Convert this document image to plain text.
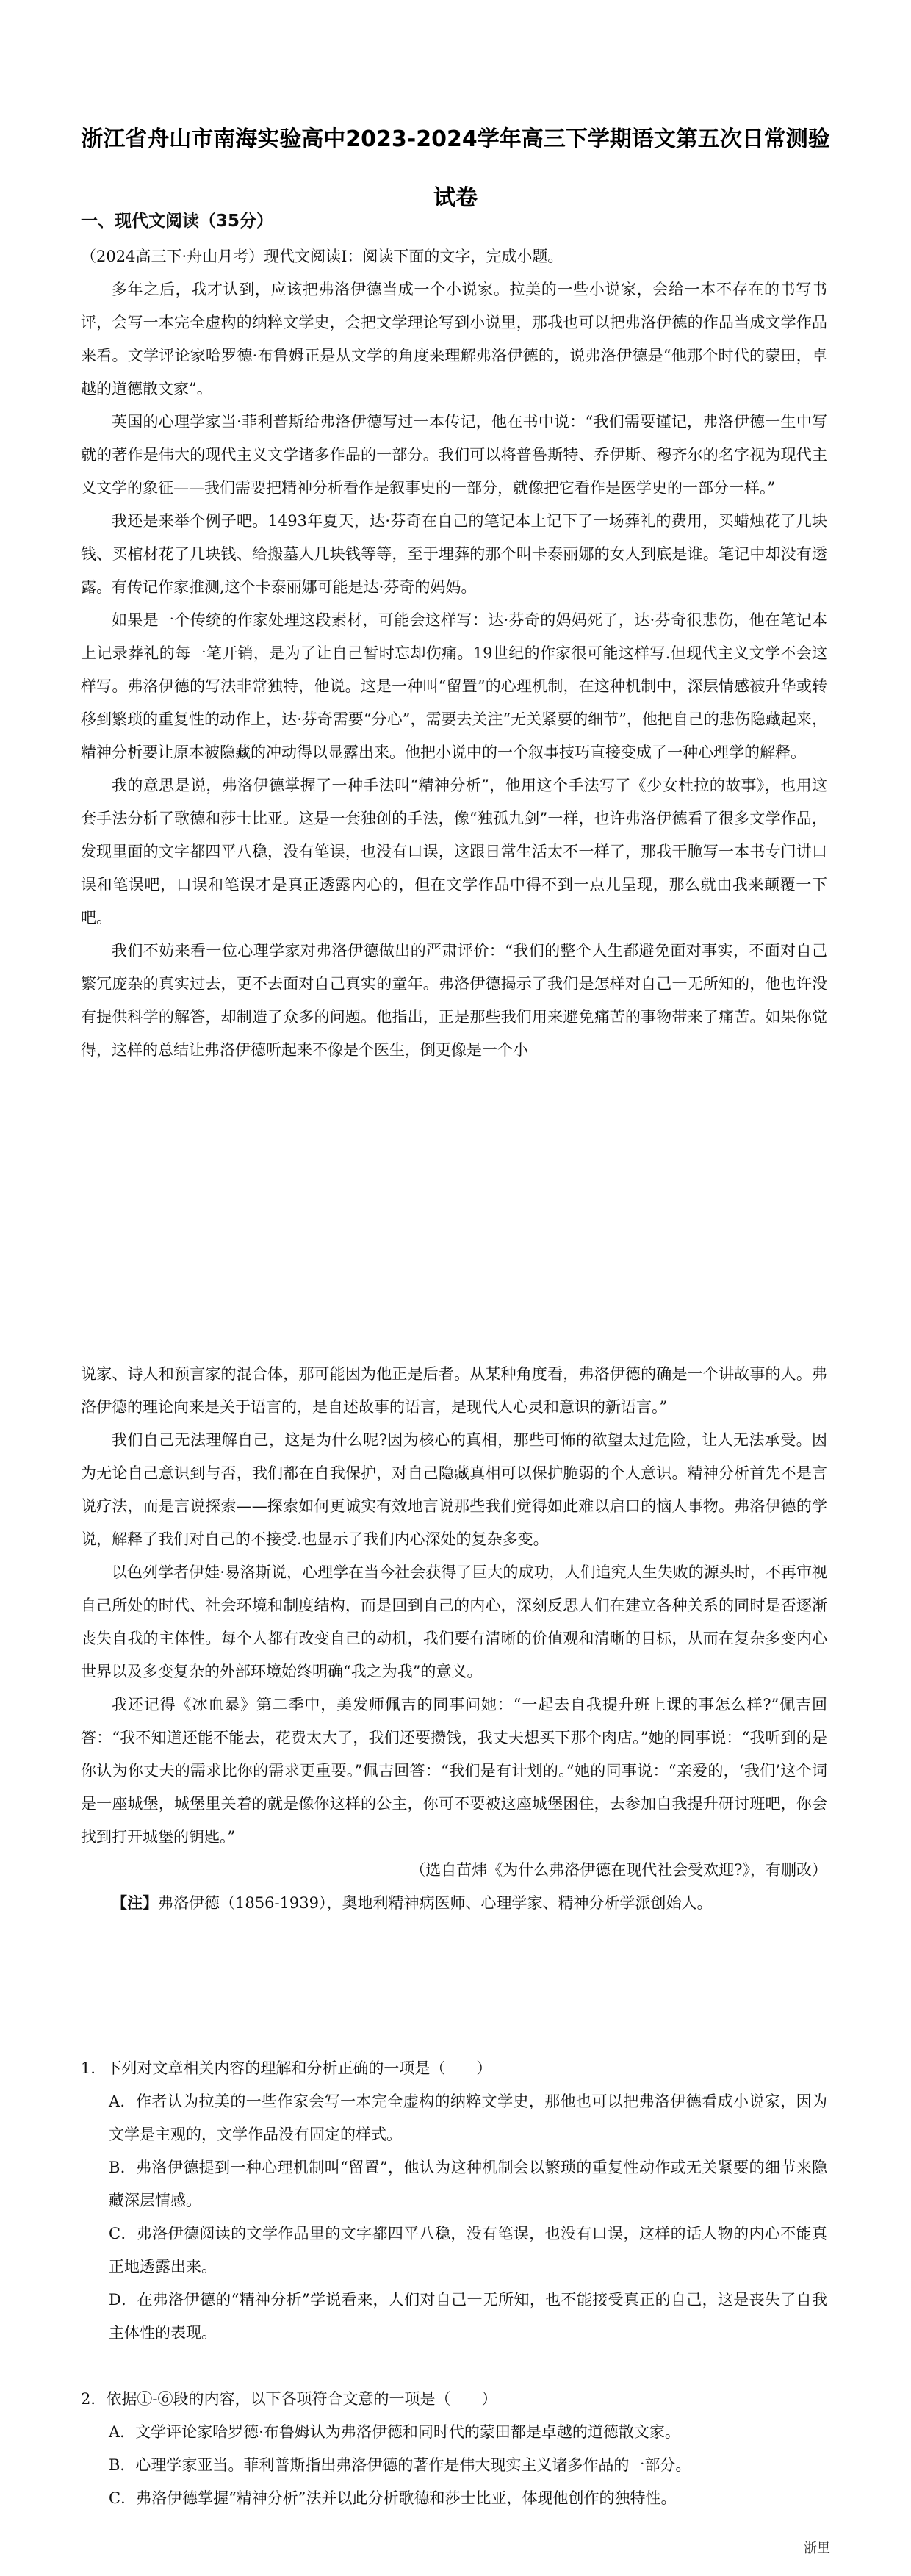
浙江省舟山市南海实验高中2023-2024学年高三下学期语文第五次日常测验试卷
一、现代文阅读（35分）

（2024高三下·舟山月考）现代文阅读I：阅读下面的文字，完成小题。

多年之后，我才认到，应该把弗洛伊德当成一个小说家。拉美的一些小说家，会给一本不存在的书写书评，会写一本完全虚构的纳粹文学史，会把文学理论写到小说里，那我也可以把弗洛伊德的作品当成文学作品来看。文学评论家哈罗德·布鲁姆正是从文学的角度来理解弗洛伊德的，说弗洛伊德是“他那个时代的蒙田，卓越的道德散文家”。

英国的心理学家当·菲利普斯给弗洛伊德写过一本传记，他在书中说：“我们需要谨记，弗洛伊德一生中写就的著作是伟大的现代主义文学诸多作品的一部分。我们可以将普鲁斯特、乔伊斯、穆齐尔的名字视为现代主义文学的象征——我们需要把精神分析看作是叙事史的一部分，就像把它看作是医学史的一部分一样。”

我还是来举个例子吧。1493年夏天，达·芬奇在自己的笔记本上记下了一场葬礼的费用，买蜡烛花了几块钱、买棺材花了几块钱、给搬墓人几块钱等等，至于埋葬的那个叫卡泰丽娜的女人到底是谁。笔记中却没有透露。有传记作家推测,这个卡泰丽娜可能是达·芬奇的妈妈。

如果是一个传统的作家处理这段素材，可能会这样写：达·芬奇的妈妈死了，达·芬奇很悲伤，他在笔记本上记录葬礼的每一笔开销，是为了让自己暂时忘却伤痛。19世纪的作家很可能这样写.但现代主义文学不会这样写。弗洛伊德的写法非常独特，他说。这是一种叫“留置”的心理机制，在这种机制中，深层情感被升华或转移到繁琐的重复性的动作上，达·芬奇需要“分心”，需要去关注“无关紧要的细节”，他把自己的悲伤隐藏起来，精神分析要让原本被隐藏的冲动得以显露出来。他把小说中的一个叙事技巧直接变成了一种心理学的解释。

我的意思是说，弗洛伊德掌握了一种手法叫“精神分析”，他用这个手法写了《少女杜拉的故事》，也用这套手法分析了歌德和莎士比亚。这是一套独创的手法，像“独孤九剑”一样，也许弗洛伊德看了很多文学作品，发现里面的文字都四平八稳，没有笔误，也没有口误，这跟日常生活太不一样了，那我干脆写一本书专门讲口误和笔误吧，口误和笔误才是真正透露内心的，但在文学作品中得不到一点儿呈现，那么就由我来颠覆一下吧。

我们不妨来看一位心理学家对弗洛伊德做出的严肃评价：“我们的整个人生都避免面对事实，不面对自己繁冗庞杂的真实过去，更不去面对自己真实的童年。弗洛伊德揭示了我们是怎样对自己一无所知的，他也许没有提供科学的解答，却制造了众多的问题。他指出，正是那些我们用来避免痛苦的事物带来了痛苦。如果你觉得，这样的总结让弗洛伊德听起来不像是个医生，倒更像是一个小

说家、诗人和预言家的混合体，那可能因为他正是后者。从某种角度看，弗洛伊德的确是一个讲故事的人。弗洛伊德的理论向来是关于语言的，是自述故事的语言，是现代人心灵和意识的新语言。”

我们自己无法理解自己，这是为什么呢?因为核心的真相，那些可怖的欲望太过危险，让人无法承受。因为无论自己意识到与否，我们都在自我保护，对自己隐藏真相可以保护脆弱的个人意识。精神分析首先不是言说疗法，而是言说探索——探索如何更诚实有效地言说那些我们觉得如此难以启口的恼人事物。弗洛伊德的学说，解释了我们对自己的不接受.也显示了我们内心深处的复杂多变。

以色列学者伊娃·易洛斯说，心理学在当今社会获得了巨大的成功，人们追究人生失败的源头时，不再审视自己所处的时代、社会环境和制度结构，而是回到自己的内心，深刻反思人们在建立各种关系的同时是否逐渐丧失自我的主体性。每个人都有改变自己的动机，我们要有清晰的价值观和清晰的目标，从而在复杂多变内心世界以及多变复杂的外部环境始终明确“我之为我”的意义。

我还记得《冰血暴》第二季中，美发师佩吉的同事问她：“一起去自我提升班上课的事怎么样?”佩吉回答：“我不知道还能不能去，花费太大了，我们还要攒钱，我丈夫想买下那个肉店。”她的同事说：“我听到的是你认为你丈夫的需求比你的需求更重要。”佩吉回答：“我们是有计划的。”她的同事说：“亲爱的，‘我们’这个词是一座城堡，城堡里关着的就是像你这样的公主，你可不要被这座城堡困住，去参加自我提升研讨班吧，你会找到打开城堡的钥匙。”

（选自苗炜《为什么弗洛伊德在现代社会受欢迎?》，有删改）

【注】弗洛伊德（1856-1939），奥地利精神病医师、心理学家、精神分析学派创始人。

1．下列对文章相关内容的理解和分析正确的一项是（　　）

A．作者认为拉美的一些作家会写一本完全虚构的纳粹文学史，那他也可以把弗洛伊德看成小说家，因为文学是主观的，文学作品没有固定的样式。

B．弗洛伊德提到一种心理机制叫“留置”，他认为这种机制会以繁琐的重复性动作或无关紧要的细节来隐藏深层情感。

C．弗洛伊德阅读的文学作品里的文字都四平八稳，没有笔误，也没有口误，这样的话人物的内心不能真正地透露出来。

D．在弗洛伊德的“精神分析”学说看来，人们对自己一无所知，也不能接受真正的自己，这是丧失了自我主体性的表现。

2．依据①-⑥段的内容，以下各项符合文意的一项是（　　）

A．文学评论家哈罗德·布鲁姆认为弗洛伊德和同时代的蒙田都是卓越的道德散文家。

B．心理学家亚当。菲利普斯指出弗洛伊德的著作是伟大现实主义诸多作品的一部分。

C．弗洛伊德掌握“精神分析”法并以此分析歌德和莎士比亚，体现他创作的独特性。

浙里
